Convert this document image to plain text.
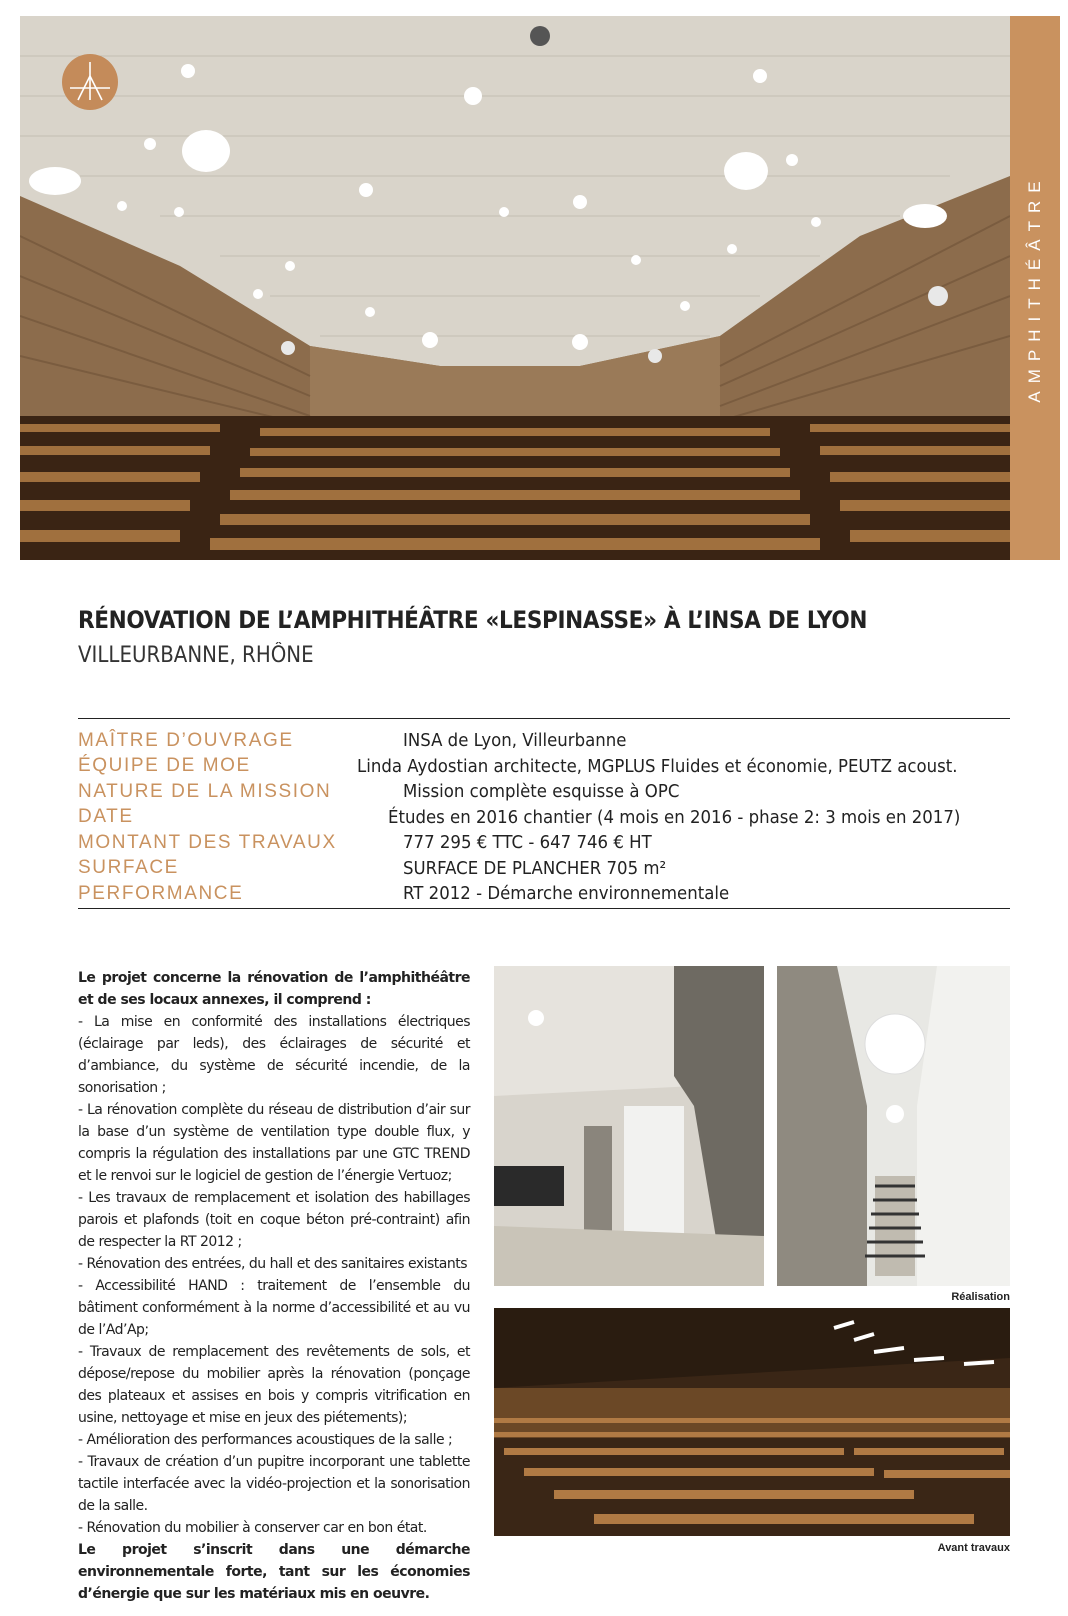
AMPHITHÉÂTRE
RÉNOVATION DE L’AMPHITHÉÂTRE «LESPINASSE» À L’INSA DE LYON
VILLEURBANNE, RHÔNE
MAÎTRE D’OUVRAGE	INSA de Lyon, Villeurbanne
ÉQUIPE DE MOE	Linda Aydostian architecte, MGPLUS Fluides et économie, PEUTZ acoust.
NATURE DE LA MISSION	Mission complète esquisse à OPC
DATE	Études en 2016 chantier (4 mois en 2016 - phase 2: 3 mois en 2017)
MONTANT DES TRAVAUX	777 295 € TTC - 647 746 € HT
SURFACE	SURFACE DE PLANCHER 705 m²
PERFORMANCE	RT 2012 - Démarche environnementale

Le projet concerne la rénovation de l’amphithéâtre et de ses locaux annexes, il comprend :

- La mise en conformité des installations électriques (éclairage par leds), des éclairages de sécurité et d’ambiance, du système de sécurité incendie, de la sonorisation ;

- La rénovation complète du réseau de distribution d’air sur la base d’un système de ventilation type double flux, y compris la régulation des installations par une GTC TREND et le renvoi sur le logiciel de gestion de l’énergie Vertuoz;

- Les travaux de remplacement et isolation des habillages parois et plafonds (toit en coque béton pré-contraint) afin de respecter la RT 2012 ;

- Rénovation des entrées, du hall et des sanitaires existants

- Accessibilité HAND : traitement de l’ensemble du bâtiment conformément à la norme d’accessibilité et au vu de l’Ad’Ap;

- Travaux de remplacement des revêtements de sols, et dépose/repose du mobilier après la rénovation (ponçage des plateaux et assises en bois y compris vitrification en usine, nettoyage et mise en jeux des piétements);

- Amélioration des performances acoustiques de la salle ;

- Travaux de création d’un pupitre incorporant une tablette tactile interfacée avec la vidéo-projection et la sonorisation de la salle.

- Rénovation du mobilier à conserver car en bon état.

Le projet s’inscrit dans une démarche environnementale forte, tant sur les économies d’énergie que sur les matériaux mis en oeuvre.

Réalisation
Avant travaux
